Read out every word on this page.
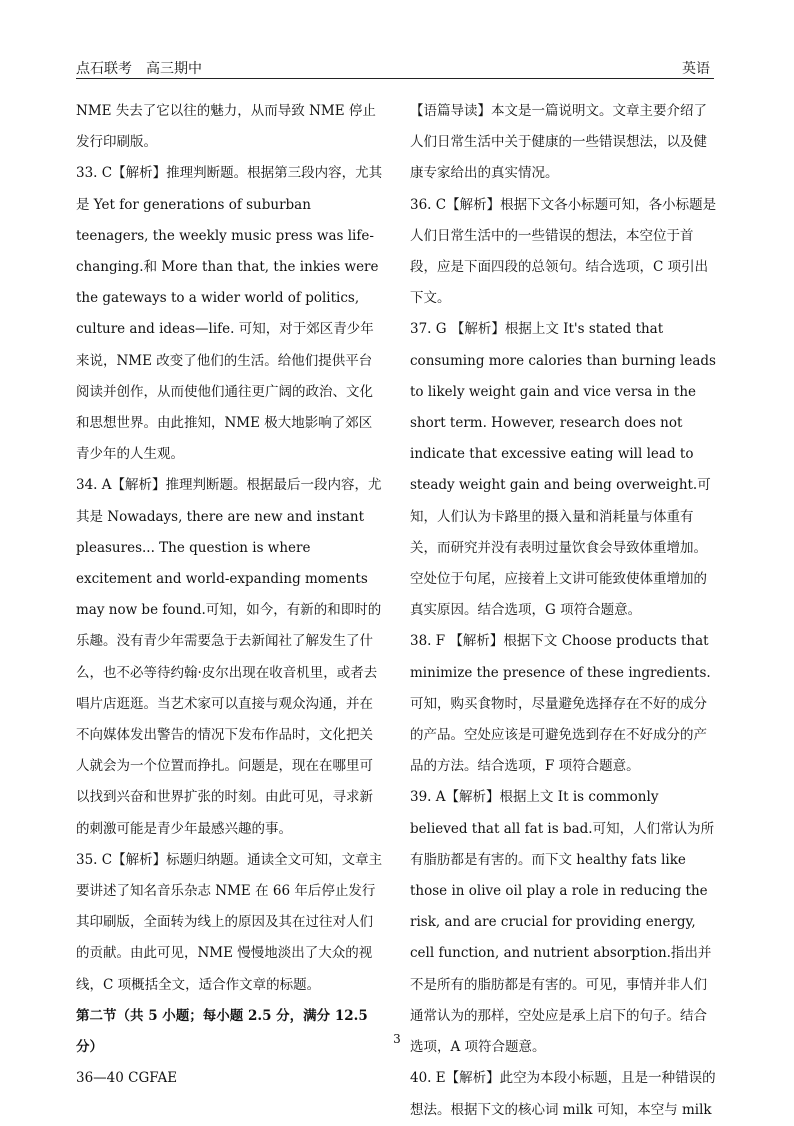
点石联考　高三期中	英语

NME 失去了它以往的魅力，从而导致 NME 停止发行印刷版。

33. C【解析】推理判断题。根据第三段内容，尤其是 Yet for generations of suburban teenagers, the weekly music press was life-changing.和 More than that, the inkies were the gateways to a wider world of politics, culture and ideas—life. 可知，对于郊区青少年来说，NME 改变了他们的生活。给他们提供平台阅读并创作，从而使他们通往更广阔的政治、文化和思想世界。由此推知，NME 极大地影响了郊区青少年的人生观。

34. A【解析】推理判断题。根据最后一段内容，尤其是 Nowadays, there are new and instant pleasures... The question is where excitement and world-expanding moments may now be found.可知，如今，有新的和即时的乐趣。没有青少年需要急于去新闻社了解发生了什么，也不必等待约翰·皮尔出现在收音机里，或者去唱片店逛逛。当艺术家可以直接与观众沟通，并在不向媒体发出警告的情况下发布作品时，文化把关人就会为一个位置而挣扎。问题是，现在在哪里可以找到兴奋和世界扩张的时刻。由此可见，寻求新的刺激可能是青少年最感兴趣的事。

35. C【解析】标题归纳题。通读全文可知，文章主要讲述了知名音乐杂志 NME 在 66 年后停止发行其印刷版，全面转为线上的原因及其在过往对人们的贡献。由此可见，NME 慢慢地淡出了大众的视线，C 项概括全文，适合作文章的标题。

第二节（共 5 小题；每小题 2.5 分，满分 12.5 分）

36—40 CGFAE

【语篇导读】本文是一篇说明文。文章主要介绍了人们日常生活中关于健康的一些错误想法，以及健康专家给出的真实情况。

36. C【解析】根据下文各小标题可知，各小标题是人们日常生活中的一些错误的想法，本空位于首段，应是下面四段的总领句。结合选项，C 项引出下文。

37. G 【解析】根据上文 It's stated that consuming more calories than burning leads to likely weight gain and vice versa in the short term. However, research does not indicate that excessive eating will lead to steady weight gain and being overweight.可知，人们认为卡路里的摄入量和消耗量与体重有关，而研究并没有表明过量饮食会导致体重增加。空处位于句尾，应接着上文讲可能致使体重增加的真实原因。结合选项，G 项符合题意。

38. F 【解析】根据下文 Choose products that minimize the presence of these ingredients.可知，购买食物时，尽量避免选择存在不好的成分的产品。空处应该是可避免选到存在不好成分的产品的方法。结合选项，F 项符合题意。

39. A【解析】根据上文 It is commonly believed that all fat is bad.可知，人们常认为所有脂肪都是有害的。而下文 healthy fats like those in olive oil play a role in reducing the risk, and are crucial for providing energy, cell function, and nutrient absorption.指出并不是所有的脂肪都是有害的。可见，事情并非人们通常认为的那样，空处应是承上启下的句子。结合选项，A 项符合题意。

40. E【解析】此空为本段小标题，且是一种错误的想法。根据下文的核心词 milk 可知，本空与 milk

3
